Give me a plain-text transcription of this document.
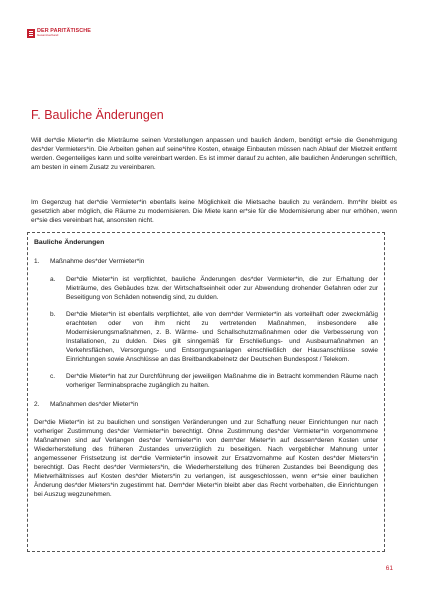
DER PARITÄTISCHE
Gesamtverband
F. Bauliche Änderungen

Will der*die Mieter*in die Mieträume seinen Vorstellungen anpassen und baulich ändern, benötigt er*sie die Genehmigung des*der Vermieters*in. Die Arbeiten gehen auf seine*ihre Kosten, etwaige Einbauten müssen nach Ablauf der Mietzeit entfernt werden. Gegenteiliges kann und sollte vereinbart werden. Es ist immer darauf zu achten, alle baulichen Änderungen schriftlich, am besten in einem Zusatz zu vereinbaren.

Im Gegenzug hat der*die Vermieter*in ebenfalls keine Möglichkeit die Mietsache baulich zu verändern. Ihm*ihr bleibt es gesetzlich aber möglich, die Räume zu modernisieren. Die Miete kann er*sie für die Modernisierung aber nur erhöhen, wenn er*sie dies vereinbart hat, ansonsten nicht.

Bauliche Änderungen

1.	Maßnahme des*der Vermieter*in

a.	Der*die Mieter*in ist verpflichtet, bauliche Änderungen des*der Vermieter*in, die zur Erhaltung der Mieträume, des Gebäudes bzw. der Wirtschaftseinheit oder zur Abwendung drohender Gefahren oder zur Beseitigung von Schäden notwendig sind, zu dulden.
b.	Der*die Mieter*in ist ebenfalls verpflichtet, alle von dem*der Vermieter*in als vorteilhaft oder zweckmäßig erachteten oder von ihm nicht zu vertretenden Maßnahmen, insbesondere alle Modernisierungsmaßnahmen, z. B. Wärme- und Schallschutzmaßnahmen oder die Verbesserung von Installationen, zu dulden. Dies gilt sinngemäß für Erschließungs- und Ausbaumaßnahmen an Verkehrsflächen, Versorgungs- und Entsorgungsanlagen einschließlich der Hausanschlüsse sowie Einrichtungen sowie Anschlüsse an das Breitbandkabelnetz der Deutschen Bundespost / Telekom.
c.	Der*die Mieter*in hat zur Durchführung der jeweiligen Maßnahme die in Betracht kommenden Räume nach vorheriger Terminabsprache zugänglich zu halten.

2.	Maßnahmen des*der Mieter*in

Der*die Mieter*in ist zu baulichen und sonstigen Veränderungen und zur Schaffung neuer Einrichtungen nur nach vorheriger Zustimmung des*der Vermieter*in berechtigt. Ohne Zustimmung des*der Vermieter*in vorgenommene Maßnahmen sind auf Verlangen des*der Vermieter*in von dem*der Mieter*in auf dessen*deren Kosten unter Wiederherstellung des früheren Zustandes unverzüglich zu beseitigen. Nach vergeblicher Mahnung unter angemessener Fristsetzung ist der*die Vermieter*in insoweit zur Ersatzvornahme auf Kosten des*der Mieters*in berechtigt. Das Recht des*der Vermieters*in, die Wiederherstellung des früheren Zustandes bei Beendigung des Mietverhältnisses auf Kosten des*der Mieters*in zu verlangen, ist ausgeschlossen, wenn er*sie einer baulichen Änderung des*der Mieters*in zugestimmt hat. Dem*der Mieter*in bleibt aber das Recht vorbehalten, die Einrichtungen bei Auszug wegzunehmen.

61
